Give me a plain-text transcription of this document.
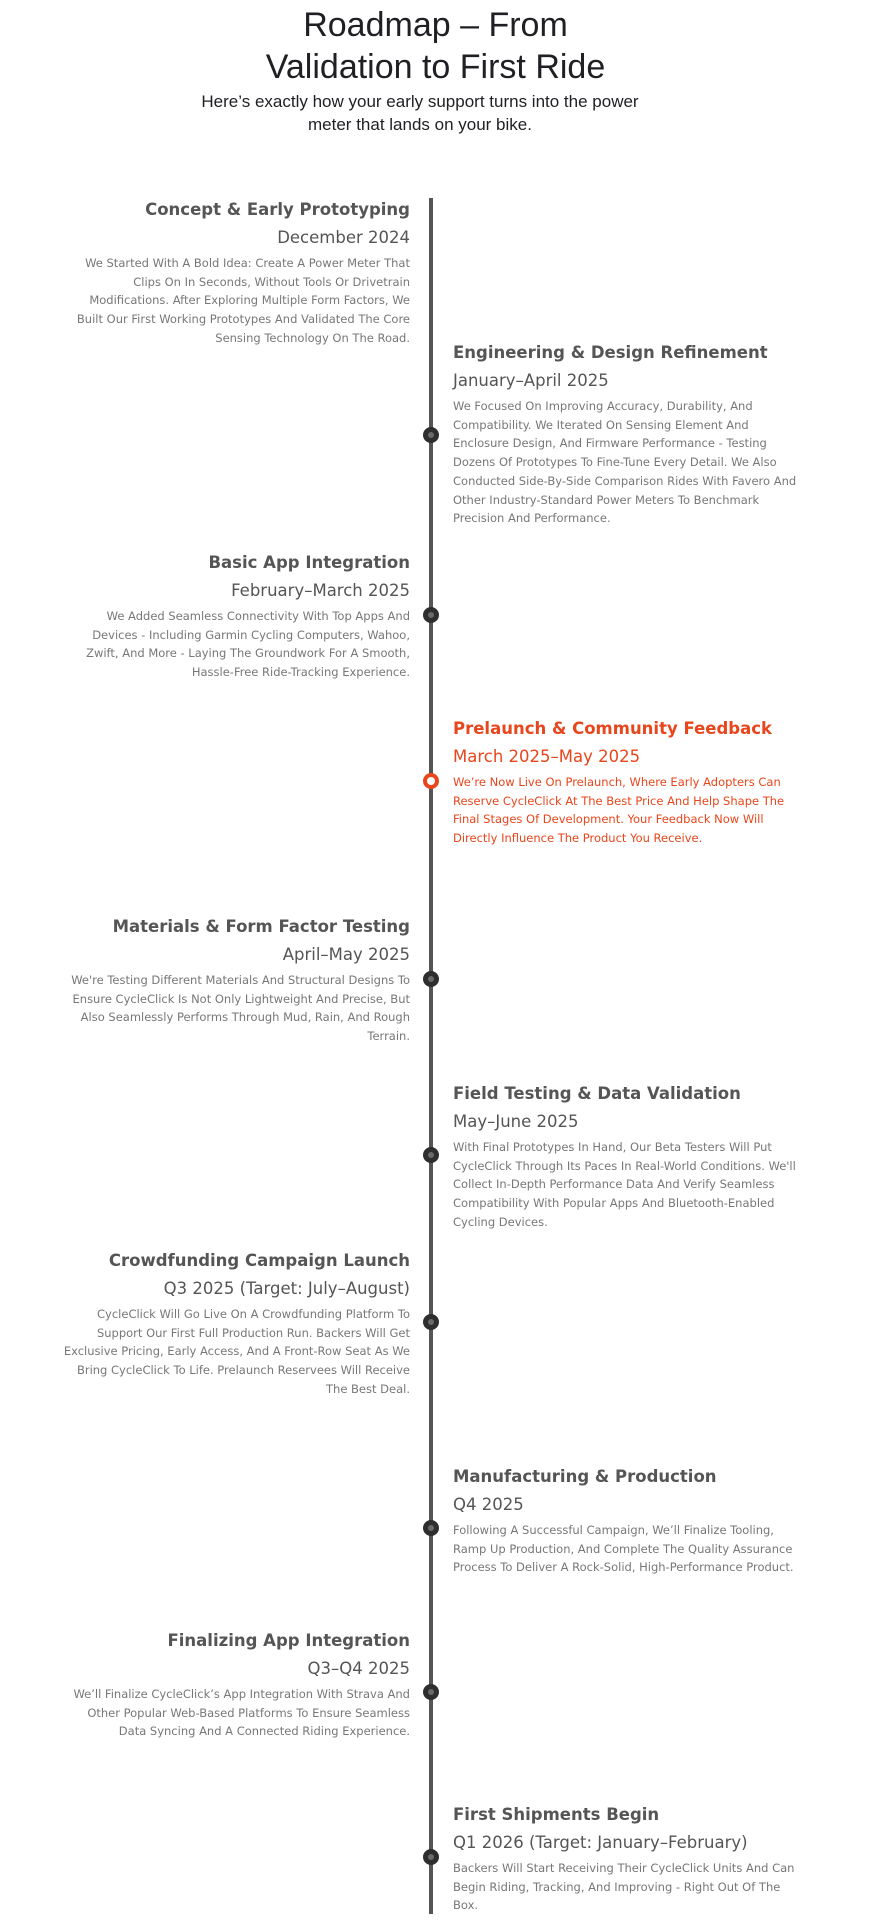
Roadmap – From
Validation to First Ride

Here’s exactly how your early support turns into the power meter that lands on your bike.

Concept & Early Prototyping
December 2024

We Started With A Bold Idea: Create A Power Meter That Clips On In Seconds, Without Tools Or Drivetrain Modifications. After Exploring Multiple Form Factors, We Built Our First Working Prototypes And Validated The Core Sensing Technology On The Road.

Engineering & Design Refinement
January–April 2025

We Focused On Improving Accuracy, Durability, And Compatibility. We Iterated On Sensing Element And Enclosure Design, And Firmware Performance - Testing Dozens Of Prototypes To Fine-Tune Every Detail. We Also Conducted Side-By-Side Comparison Rides With Favero And Other Industry-Standard Power Meters To Benchmark Precision And Performance.

Basic App Integration
February–March 2025

We Added Seamless Connectivity With Top Apps And Devices - Including Garmin Cycling Computers, Wahoo, Zwift, And More - Laying The Groundwork For A Smooth, Hassle-Free Ride-Tracking Experience.

Prelaunch & Community Feedback
March 2025–May 2025

We’re Now Live On Prelaunch, Where Early Adopters Can Reserve CycleClick At The Best Price And Help Shape The Final Stages Of Development. Your Feedback Now Will Directly Influence The Product You Receive.

Materials & Form Factor Testing
April–May 2025

We're Testing Different Materials And Structural Designs To Ensure CycleClick Is Not Only Lightweight And Precise, But Also Seamlessly Performs Through Mud, Rain, And Rough Terrain.

Field Testing & Data Validation
May–June 2025

With Final Prototypes In Hand, Our Beta Testers Will Put CycleClick Through Its Paces In Real-World Conditions. We'll Collect In-Depth Performance Data And Verify Seamless Compatibility With Popular Apps And Bluetooth-Enabled Cycling Devices.

Crowdfunding Campaign Launch
Q3 2025 (Target: July–August)

CycleClick Will Go Live On A Crowdfunding Platform To Support Our First Full Production Run. Backers Will Get Exclusive Pricing, Early Access, And A Front-Row Seat As We Bring CycleClick To Life. Prelaunch Reservees Will Receive The Best Deal.

Manufacturing & Production
Q4 2025

Following A Successful Campaign, We’ll Finalize Tooling, Ramp Up Production, And Complete The Quality Assurance Process To Deliver A Rock-Solid, High-Performance Product.

Finalizing App Integration
Q3–Q4 2025

We’ll Finalize CycleClick’s App Integration With Strava And Other Popular Web-Based Platforms To Ensure Seamless Data Syncing And A Connected Riding Experience.

First Shipments Begin
Q1 2026 (Target: January–February)

Backers Will Start Receiving Their CycleClick Units And Can Begin Riding, Tracking, And Improving - Right Out Of The Box.
